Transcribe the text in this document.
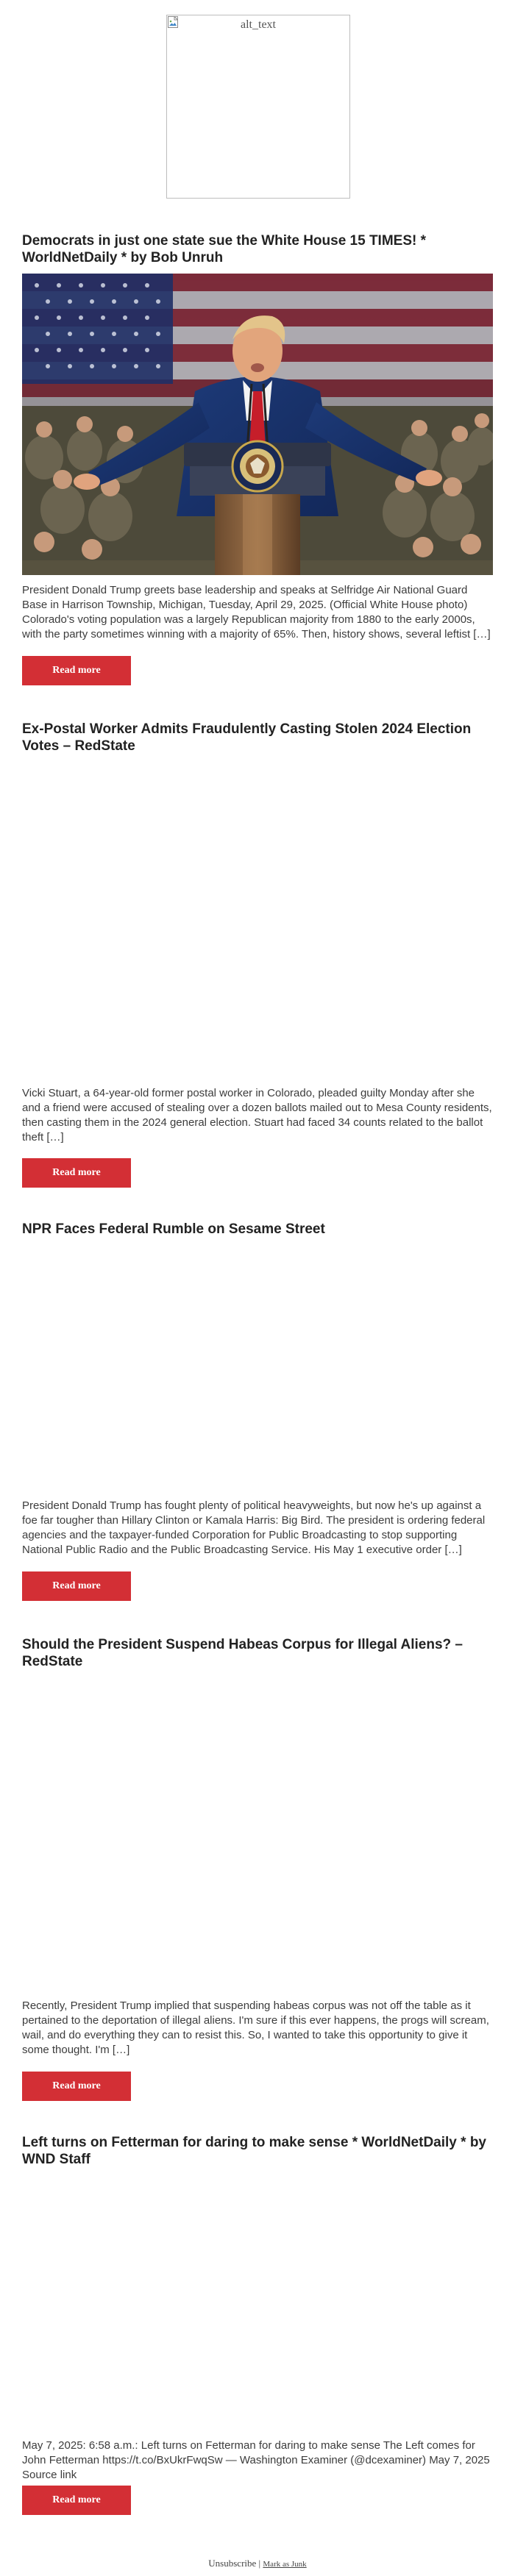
alt_text
Democrats in just one state sue the White House 15 TIMES! * WorldNetDaily * by Bob Unruh

President Donald Trump greets base leadership and speaks at Selfridge Air National Guard Base in Harrison Township, Michigan, Tuesday, April 29, 2025. (Official White House photo) Colorado's voting population was a largely Republican majority from 1880 to the early 2000s, with the party sometimes winning with a majority of 65%. Then, history shows, several leftist […]

Read more
Ex-Postal Worker Admits Fraudulently Casting Stolen 2024 Election Votes – RedState

Vicki Stuart, a 64-year-old former postal worker in Colorado, pleaded guilty Monday after she and a friend were accused of stealing over a dozen ballots mailed out to Mesa County residents, then casting them in the 2024 general election. Stuart had faced 34 counts related to the ballot theft […]

Read more
NPR Faces Federal Rumble on Sesame Street

President Donald Trump has fought plenty of political heavyweights, but now he's up against a foe far tougher than Hillary Clinton or Kamala Harris: Big Bird. The president is ordering federal agencies and the taxpayer-funded Corporation for Public Broadcasting to stop supporting National Public Radio and the Public Broadcasting Service. His May 1 executive order […]

Read more
Should the President Suspend Habeas Corpus for Illegal Aliens? – RedState

Recently, President Trump implied that suspending habeas corpus was not off the table as it pertained to the deportation of illegal aliens. I'm sure if this ever happens, the progs will scream, wail, and do everything they can to resist this. So, I wanted to take this opportunity to give it some thought. I'm […]

Read more
Left turns on Fetterman for daring to make sense * WorldNetDaily * by WND Staff

May 7, 2025: 6:58 a.m.: Left turns on Fetterman for daring to make sense The Left comes for John Fetterman https://t.co/BxUkrFwqSw — Washington Examiner (@dcexaminer) May 7, 2025 Source link

Read more
Unsubscribe | Mark as Junk
